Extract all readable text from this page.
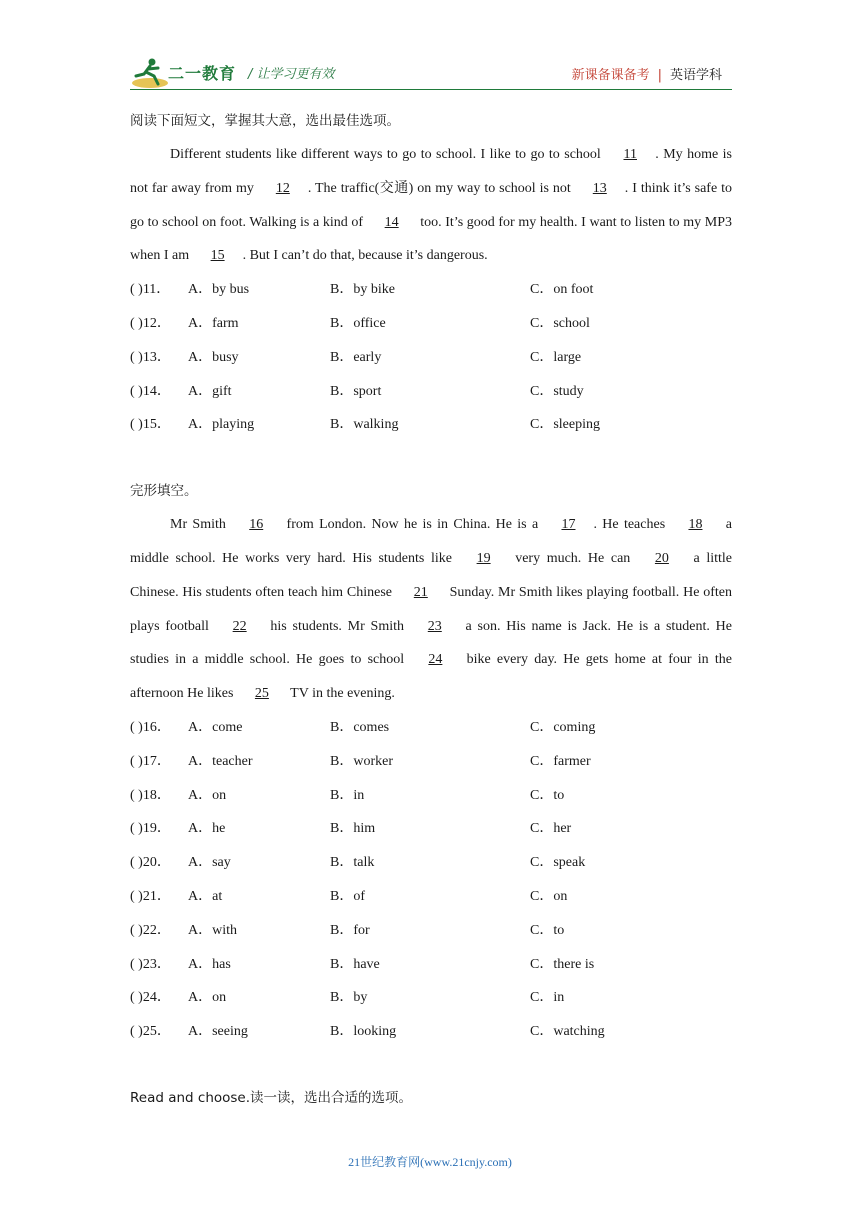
二一教育 / 让学习更有效	新课备课备考 | 英语学科
阅读下面短文，掌握其大意，选出最佳选项。

Different students like different ways to go to school. I like to go to school 11 . My home is not far away from my 12 . The traffic(交通) on my way to school is not 13 . I think it’s safe to go to school on foot. Walking is a kind of 14 too. It’s good for my health. I want to listen to my MP3 when I am 15 . But I can’t do that, because it’s dangerous.

( )11． A．by bus	B．by bike	C．on foot
( )12． A．farm	B．office	C．school
( )13． A．busy	B．early	C．large
( )14． A．gift	B．sport	C．study
( )15． A．playing	B．walking	C．sleeping
完形填空。

Mr Smith 16 from London. Now he is in China. He is a 17 . He teaches 18 a middle school. He works very hard. His students like 19 very much. He can 20 a little Chinese. His students often teach him Chinese 21 Sunday. Mr Smith likes playing football. He often plays football 22 his students. Mr Smith 23 a son. His name is Jack. He is a student. He studies in a middle school. He goes to school 24 bike every day. He gets home at four in the afternoon He likes 25 TV in the evening.

( )16． A．come	B．comes	C．coming
( )17． A．teacher	B．worker	C．farmer
( )18． A．on	B．in	C．to
( )19． A．he	B．him	C．her
( )20． A．say	B．talk	C．speak
( )21． A．at	B．of	C．on
( )22． A．with	B．for	C．to
( )23． A．has	B．have	C．there is
( )24． A．on	B．by	C．in
( )25． A．seeing	B．looking	C．watching
Read and choose.读一读，选出合适的选项。
21世纪教育网(www.21cnjy.com)
